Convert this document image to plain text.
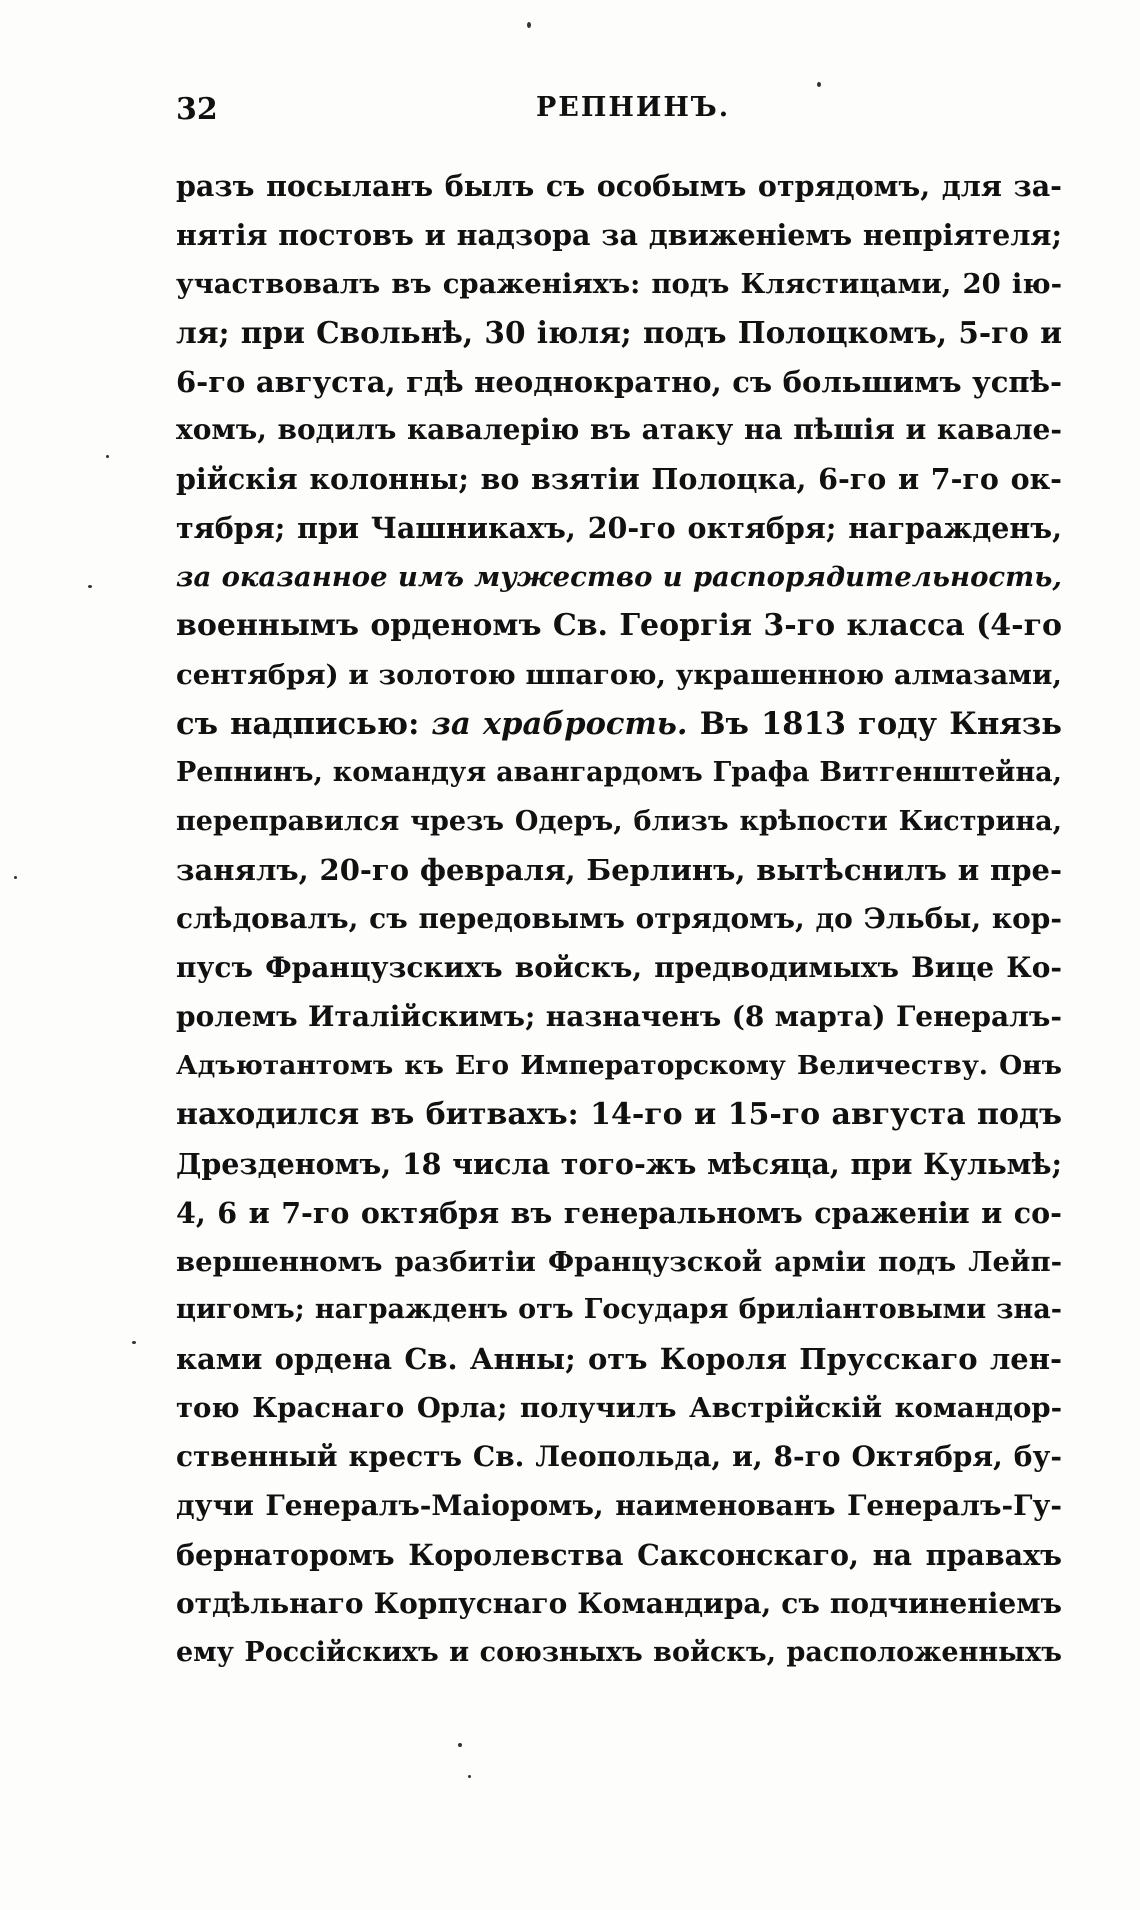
32	РЕПНИНЪ.
разъ посыланъ былъ съ особымъ отрядомъ, для за-
нятія постовъ и надзора за движеніемъ непріятеля;
участвовалъ въ сраженіяхъ: подъ Клястицами, 20 ію-
ля; при Свольнѣ, 30 іюля; подъ Полоцкомъ, 5-го и
6-го августа, гдѣ неоднократно, съ большимъ успѣ-
хомъ, водилъ кавалерію въ атаку на пѣшія и кавале-
рійскія колонны; во взятіи Полоцка, 6-го и 7-го ок-
тября; при Чашникахъ, 20-го октября; награжденъ,
за оказанное имъ мужество и распорядительность,
военнымъ орденомъ Св. Георгія 3-го класса (4-го
сентября) и золотою шпагою, украшенною алмазами,
съ надписью: за храбрость. Въ 1813 году Князь
Репнинъ, командуя авангардомъ Графа Витгенштейна,
переправился чрезъ Одеръ, близъ крѣпости Кистрина,
занялъ, 20-го февраля, Берлинъ, вытѣснилъ и пре-
слѣдовалъ, съ передовымъ отрядомъ, до Эльбы, кор-
пусъ Французскихъ войскъ, предводимыхъ Вице Ко-
ролемъ Италійскимъ; назначенъ (8 марта) Генералъ-
Адъютантомъ къ Его Императорскому Величеству. Онъ
находился въ битвахъ: 14-го и 15-го августа подъ
Дрезденомъ, 18 числа того-жъ мѣсяца, при Кульмѣ;
4, 6 и 7-го октября въ генеральномъ сраженіи и со-
вершенномъ разбитіи Французской арміи подъ Лейп-
цигомъ; награжденъ отъ Государя бриліантовыми зна-
ками ордена Св. Анны; отъ Короля Прусскаго лен-
тою Краснаго Орла; получилъ Австрійскій командор-
ственный крестъ Св. Леопольда, и, 8-го Октября, бу-
дучи Генералъ-Маіоромъ, наименованъ Генералъ-Гу-
бернаторомъ Королевства Саксонскаго, на правахъ
отдѣльнаго Корпуснаго Командира, съ подчиненіемъ
ему Россійскихъ и союзныхъ войскъ, расположенныхъ
